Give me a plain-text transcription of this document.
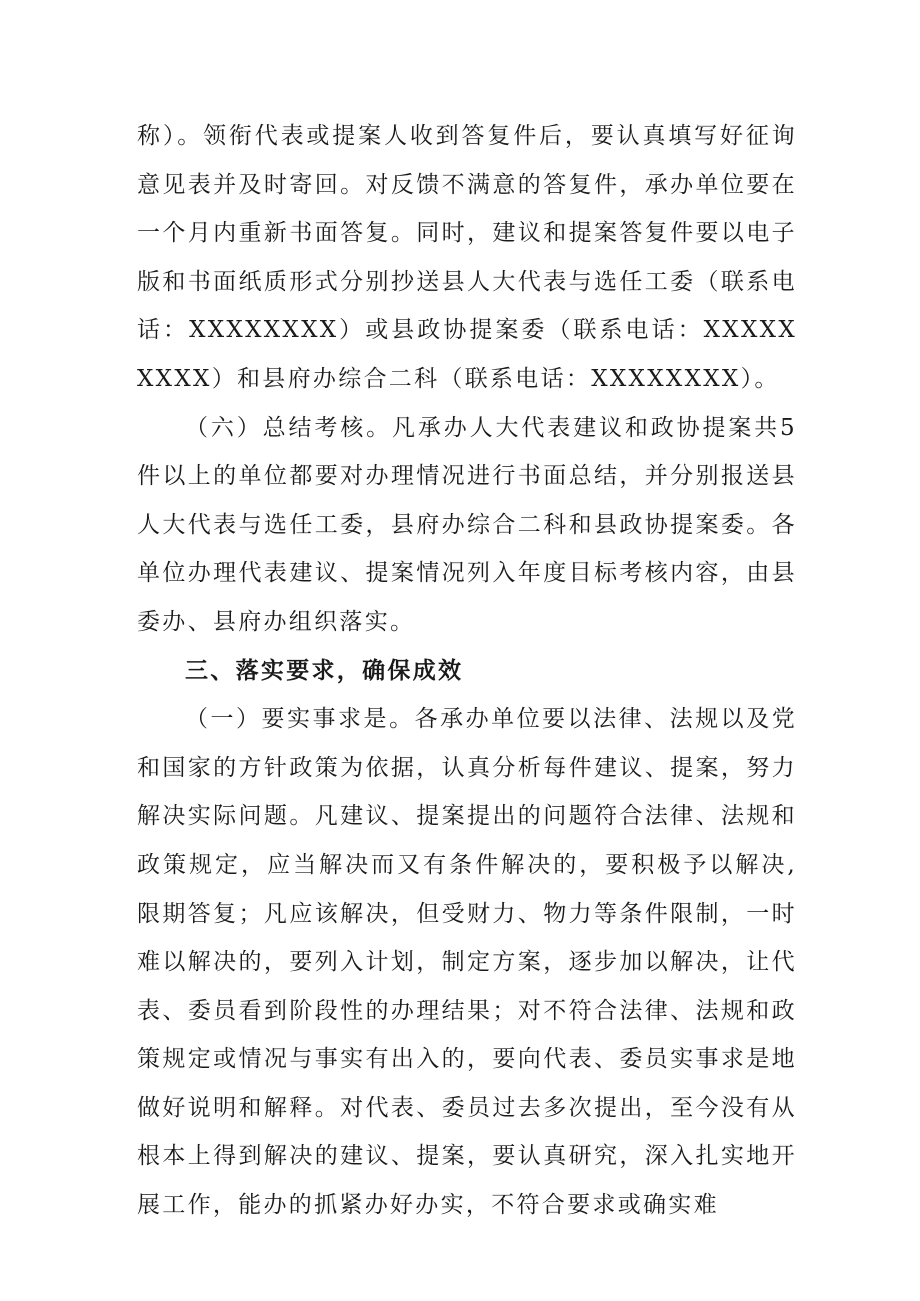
称）。领衔代表或提案人收到答复件后，要认真填写好征询意见表并及时寄回。对反馈不满意的答复件，承办单位要在一个月内重新书面答复。同时，建议和提案答复件要以电子版和书面纸质形式分别抄送县人大代表与选任工委（联系电话：XXXXXXXX）或县政协提案委（联系电话：XXXXXXXXX）和县府办综合二科（联系电话：XXXXXXXX）。

（六）总结考核。凡承办人大代表建议和政协提案共5件以上的单位都要对办理情况进行书面总结，并分别报送县人大代表与选任工委，县府办综合二科和县政协提案委。各单位办理代表建议、提案情况列入年度目标考核内容，由县委办、县府办组织落实。

三、落实要求，确保成效

（一）要实事求是。各承办单位要以法律、法规以及党和国家的方针政策为依据，认真分析每件建议、提案，努力解决实际问题。凡建议、提案提出的问题符合法律、法规和政策规定，应当解决而又有条件解决的，要积极予以解决,限期答复；凡应该解决，但受财力、物力等条件限制，一时难以解决的，要列入计划，制定方案，逐步加以解决，让代表、委员看到阶段性的办理结果；对不符合法律、法规和政策规定或情况与事实有出入的，要向代表、委员实事求是地做好说明和解释。对代表、委员过去多次提出，至今没有从根本上得到解决的建议、提案，要认真研究，深入扎实地开展工作，能办的抓紧办好办实，不符合要求或确实难
